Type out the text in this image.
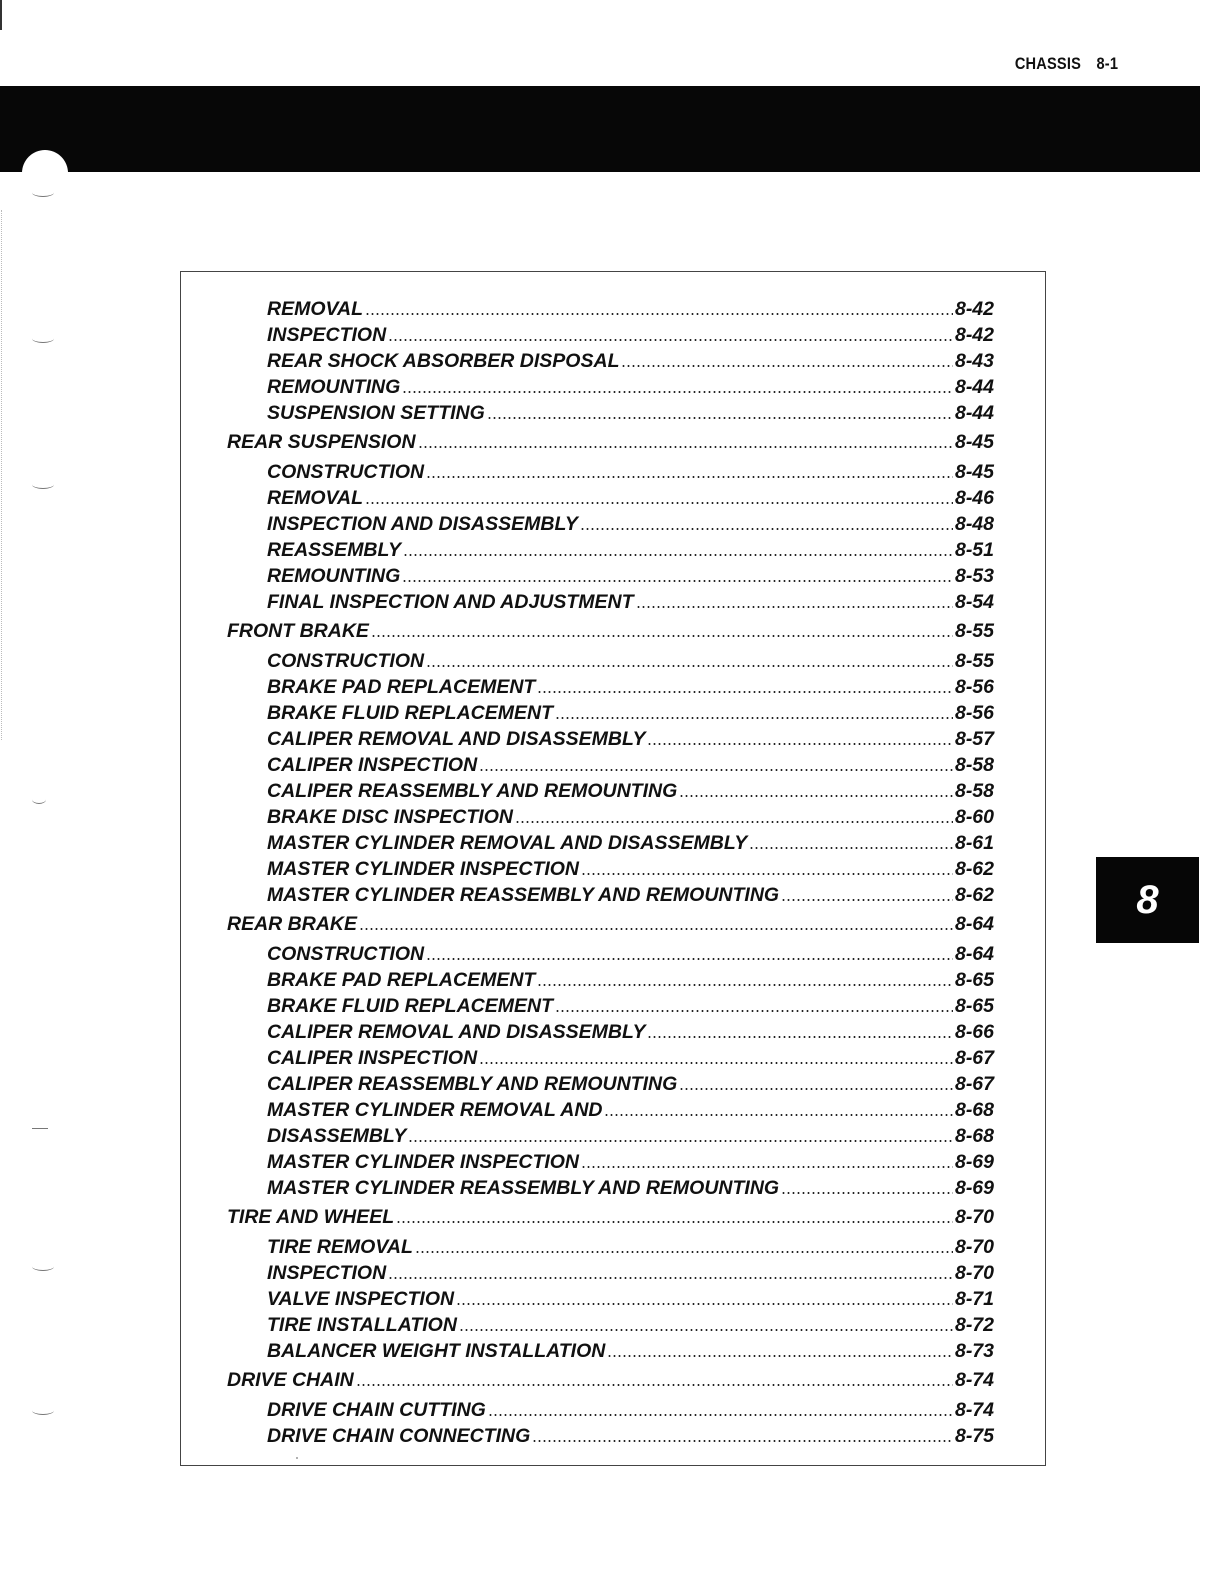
CHASSIS 8-1
REMOVAL	8-42
INSPECTION	8-42
REAR SHOCK ABSORBER DISPOSAL	8-43
REMOUNTING	8-44
SUSPENSION SETTING	8-44
REAR SUSPENSION	8-45
CONSTRUCTION	8-45
REMOVAL	8-46
INSPECTION AND DISASSEMBLY	8-48
REASSEMBLY	8-51
REMOUNTING	8-53
FINAL INSPECTION AND ADJUSTMENT	8-54
FRONT BRAKE	8-55
CONSTRUCTION	8-55
BRAKE PAD REPLACEMENT	8-56
BRAKE FLUID REPLACEMENT	8-56
CALIPER REMOVAL AND DISASSEMBLY	8-57
CALIPER INSPECTION	8-58
CALIPER REASSEMBLY AND REMOUNTING	8-58
BRAKE DISC INSPECTION	8-60
MASTER CYLINDER REMOVAL AND DISASSEMBLY	8-61
MASTER CYLINDER INSPECTION	8-62
MASTER CYLINDER REASSEMBLY AND REMOUNTING	8-62
REAR BRAKE	8-64
CONSTRUCTION	8-64
BRAKE PAD REPLACEMENT	8-65
BRAKE FLUID REPLACEMENT	8-65
CALIPER REMOVAL AND DISASSEMBLY	8-66
CALIPER INSPECTION	8-67
CALIPER REASSEMBLY AND REMOUNTING	8-67
MASTER CYLINDER REMOVAL AND	8-68
DISASSEMBLY	8-68
MASTER CYLINDER INSPECTION	8-69
MASTER CYLINDER REASSEMBLY AND REMOUNTING	8-69
TIRE AND WHEEL	8-70
TIRE REMOVAL	8-70
INSPECTION	8-70
VALVE INSPECTION	8-71
TIRE INSTALLATION	8-72
BALANCER WEIGHT INSTALLATION	8-73
DRIVE CHAIN	8-74
DRIVE CHAIN CUTTING	8-74
DRIVE CHAIN CONNECTING	8-75
8
